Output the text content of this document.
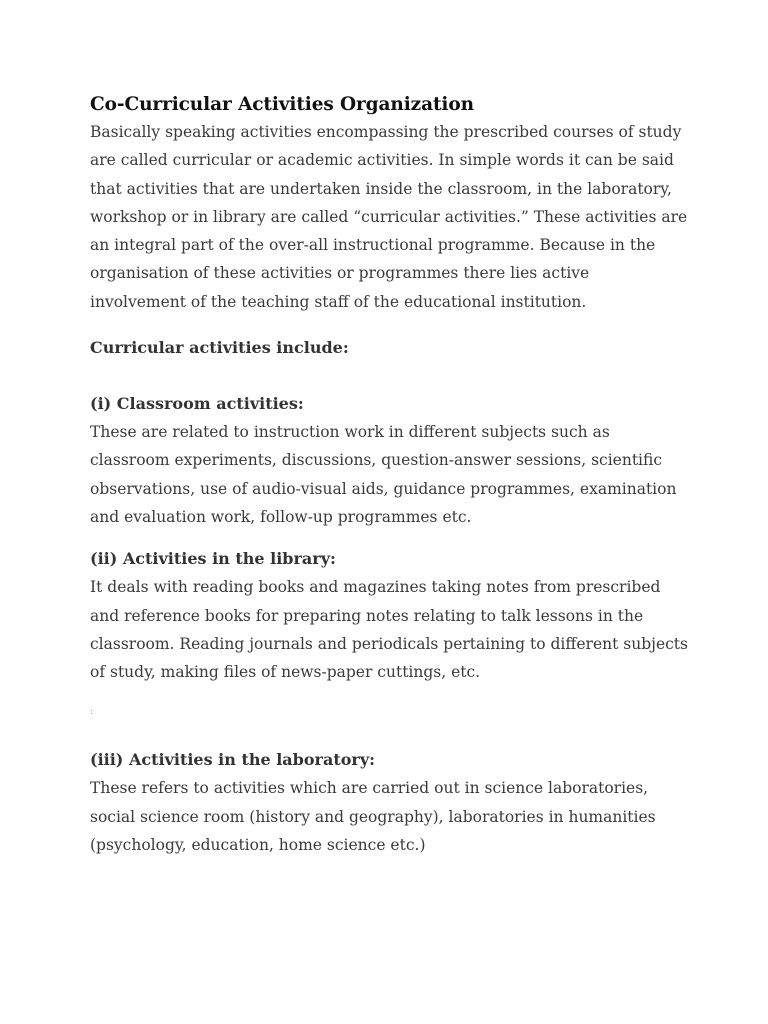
Co-Curricular Activities Organization

Basically speaking activities encompassing the prescribed courses of study are called curricular or academic activities. In simple words it can be said that activities that are undertaken inside the classroom, in the laboratory, workshop or in library are called “curricular activities.” These activities are an integral part of the over-all instructional programme. Because in the organisation of these activities or programmes there lies active involvement of the teaching staff of the educational institution.

Curricular activities include:

(i) Classroom activities:

These are related to instruction work in different subjects such as classroom experiments, discussions, question-answer sessions, scientific observations, use of audio-visual aids, guidance programmes, examination and evaluation work, follow-up programmes etc.

(ii) Activities in the library:

It deals with reading books and magazines taking notes from prescribed and reference books for preparing notes relating to talk lessons in the classroom. Reading journals and periodicals pertaining to different subjects of study, making files of news-paper cuttings, etc.

:

(iii) Activities in the laboratory:

These refers to activities which are carried out in science laboratories, social science room (history and geography), laboratories in humanities (psychology, education, home science etc.)
